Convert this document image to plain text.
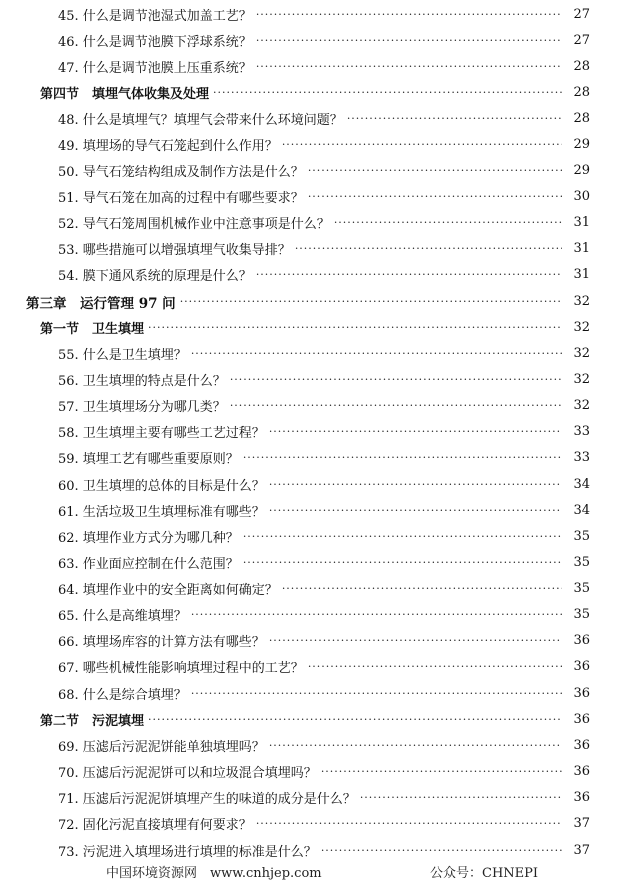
45. 什么是调节池湿式加盖工艺？ ·····	27
46. 什么是调节池膜下浮球系统？ ·····	27
47. 什么是调节池膜上压重系统？ ·····	28
第四节　填埋气体收集及处理 ·····	28
48. 什么是填埋气？填埋气会带来什么环境问题？ ·····	28
49. 填埋场的导气石笼起到什么作用？ ·····	29
50. 导气石笼结构组成及制作方法是什么？ ·····	29
51. 导气石笼在加高的过程中有哪些要求？ ·····	30
52. 导气石笼周围机械作业中注意事项是什么？ ·····	31
53. 哪些措施可以增强填埋气收集导排？ ·····	31
54. 膜下通风系统的原理是什么？ ·····	31
第三章　运行管理 97 问 ·····	32
第一节　卫生填埋 ·····	32
55. 什么是卫生填埋？ ·····	32
56. 卫生填埋的特点是什么？ ·····	32
57. 卫生填埋场分为哪几类？ ·····	32
58. 卫生填埋主要有哪些工艺过程？ ·····	33
59. 填埋工艺有哪些重要原则？ ·····	33
60. 卫生填埋的总体的目标是什么？ ·····	34
61. 生活垃圾卫生填埋标准有哪些？ ·····	34
62. 填埋作业方式分为哪几种？ ·····	35
63. 作业面应控制在什么范围？ ·····	35
64. 填埋作业中的安全距离如何确定？ ·····	35
65. 什么是高维填埋？ ·····	35
66. 填埋场库容的计算方法有哪些？ ·····	36
67. 哪些机械性能影响填埋过程中的工艺？ ·····	36
68. 什么是综合填埋？ ·····	36
第二节　污泥填埋 ·····	36
69. 压滤后污泥泥饼能单独填埋吗？ ·····	36
70. 压滤后污泥泥饼可以和垃圾混合填埋吗？ ·····	36
71. 压滤后污泥泥饼填埋产生的味道的成分是什么？ ·····	36
72. 固化污泥直接填埋有何要求？ ·····	37
73. 污泥进入填埋场进行填埋的标准是什么？ ·····	37
中国环境资源网　www.cnhjep.com	公众号：CHNEPI
